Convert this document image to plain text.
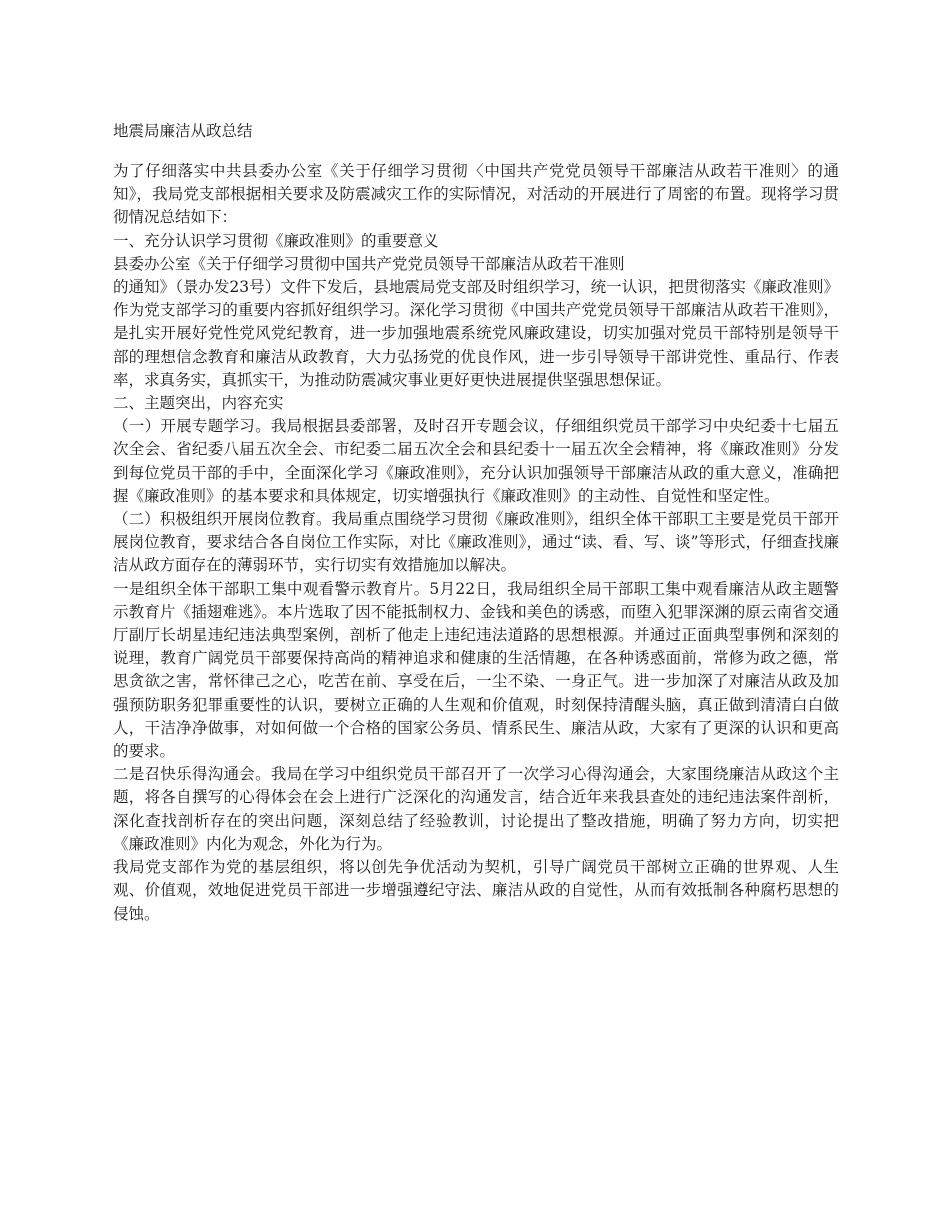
地震局廉洁从政总结

为了仔细落实中共县委办公室《关于仔细学习贯彻〈中国共产党党员领导干部廉洁从政若干准则〉的通知》，我局党支部根据相关要求及防震减灾工作的实际情况，对活动的开展进行了周密的布置。现将学习贯彻情况总结如下：

一、充分认识学习贯彻《廉政准则》的重要意义

县委办公室《关于仔细学习贯彻中国共产党党员领导干部廉洁从政若干准则

的通知》（景办发23号）文件下发后，县地震局党支部及时组织学习，统一认识，把贯彻落实《廉政准则》作为党支部学习的重要内容抓好组织学习。深化学习贯彻《中国共产党党员领导干部廉洁从政若干准则》，是扎实开展好党性党风党纪教育，进一步加强地震系统党风廉政建设，切实加强对党员干部特别是领导干部的理想信念教育和廉洁从政教育，大力弘扬党的优良作风，进一步引导领导干部讲党性、重品行、作表率，求真务实，真抓实干，为推动防震减灾事业更好更快进展提供坚强思想保证。

二、主题突出，内容充实

（一）开展专题学习。我局根据县委部署，及时召开专题会议，仔细组织党员干部学习中央纪委十七届五次全会、省纪委八届五次全会、市纪委二届五次全会和县纪委十一届五次全会精神，将《廉政准则》分发到每位党员干部的手中，全面深化学习《廉政准则》，充分认识加强领导干部廉洁从政的重大意义，准确把握《廉政准则》的基本要求和具体规定，切实增强执行《廉政准则》的主动性、自觉性和坚定性。

（二）积极组织开展岗位教育。我局重点围绕学习贯彻《廉政准则》，组织全体干部职工主要是党员干部开展岗位教育，要求结合各自岗位工作实际，对比《廉政准则》，通过“读、看、写、谈”等形式，仔细查找廉洁从政方面存在的薄弱环节，实行切实有效措施加以解决。

一是组织全体干部职工集中观看警示教育片。5月22日，我局组织全局干部职工集中观看廉洁从政主题警示教育片《插翅难逃》。本片选取了因不能抵制权力、金钱和美色的诱惑，而堕入犯罪深渊的原云南省交通厅副厅长胡星违纪违法典型案例，剖析了他走上违纪违法道路的思想根源。并通过正面典型事例和深刻的说理，教育广阔党员干部要保持高尚的精神追求和健康的生活情趣，在各种诱惑面前，常修为政之德，常思贪欲之害，常怀律己之心，吃苦在前、享受在后，一尘不染、一身正气。进一步加深了对廉洁从政及加强预防职务犯罪重要性的认识，要树立正确的人生观和价值观，时刻保持清醒头脑，真正做到清清白白做人，干洁净净做事，对如何做一个合格的国家公务员、情系民生、廉洁从政，大家有了更深的认识和更高的要求。

二是召快乐得沟通会。我局在学习中组织党员干部召开了一次学习心得沟通会，大家围绕廉洁从政这个主题，将各自撰写的心得体会在会上进行广泛深化的沟通发言，结合近年来我县查处的违纪违法案件剖析，深化查找剖析存在的突出问题，深刻总结了经验教训，讨论提出了整改措施，明确了努力方向，切实把《廉政准则》内化为观念，外化为行为。

我局党支部作为党的基层组织，将以创先争优活动为契机，引导广阔党员干部树立正确的世界观、人生观、价值观，效地促进党员干部进一步增强遵纪守法、廉洁从政的自觉性，从而有效抵制各种腐朽思想的侵蚀。
